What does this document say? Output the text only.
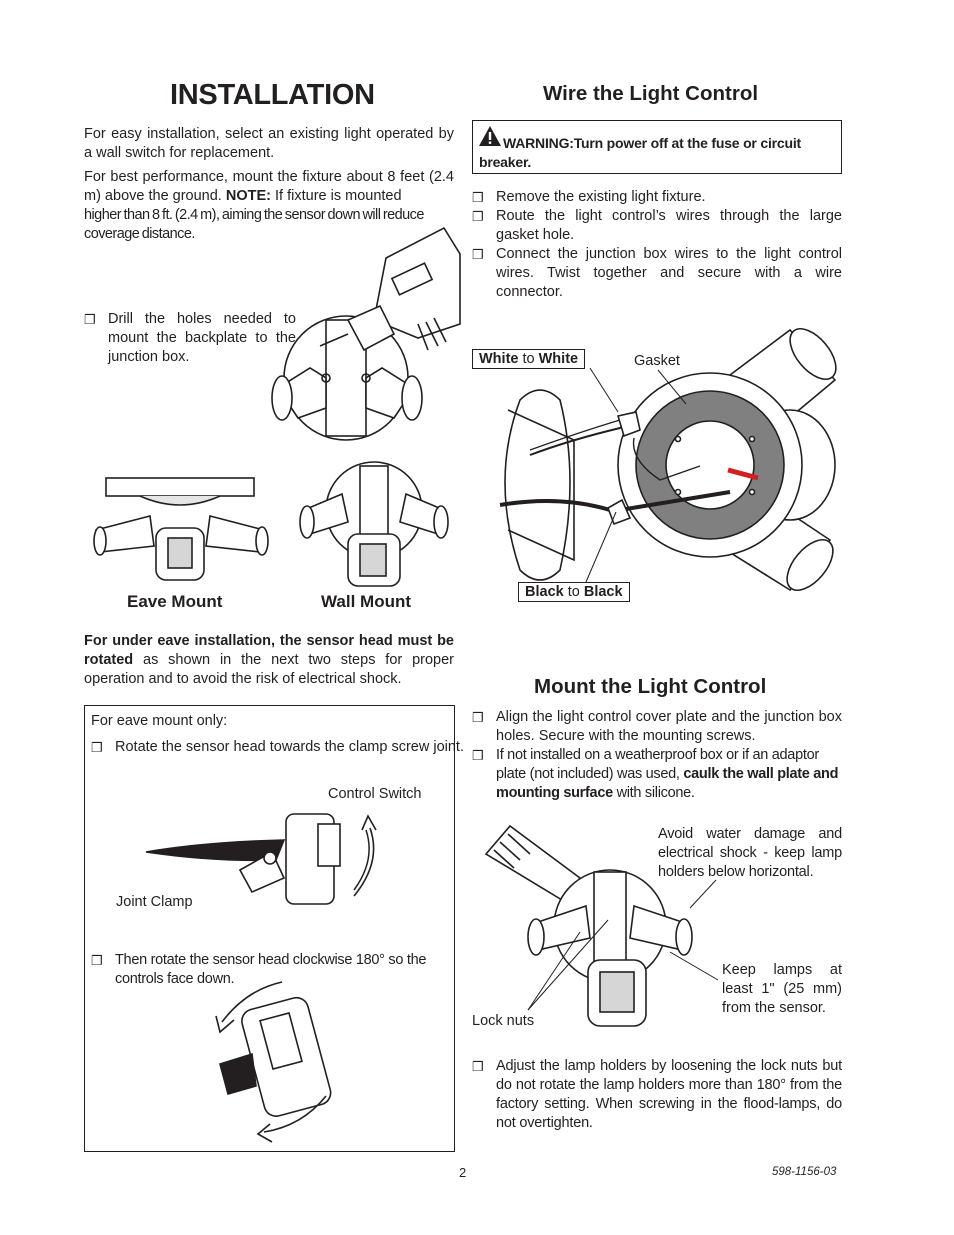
INSTALLATION
For easy installation, select an existing light operated by a wall switch for replacement.
For best performance, mount the fixture about 8 feet (2.4 m) above the ground. NOTE: If fixture is mounted
higher than 8 ft. (2.4 m), aiming the sensor down will reduce
coverage distance.
❒ Drill the holes needed to mount the backplate to the junction box.
Eave Mount	Wall Mount
For under eave installation, the sensor head must be rotated as shown in the next two steps for proper operation and to avoid the risk of electrical shock.
For eave mount only:
❒ Rotate the sensor head towards the clamp screw joint.
Control Switch
Joint Clamp
❒ Then rotate the sensor head clockwise 180° so the controls face down.
Wire the Light Control
WARNING:Turn power off at the fuse or circuit breaker.
❒ Remove the existing light fixture.
❒ Route the light control’s wires through the large gasket hole.
❒ Connect the junction box wires to the light control wires. Twist together and secure with a wire connector.
White to White	Gasket
Black to Black
Mount the Light Control
❒ Align the light control cover plate and the junction box holes. Secure with the mounting screws.
❒ If not installed on a weatherproof box or if an adaptor plate (not included) was used, caulk the wall plate and mounting surface with silicone.
Avoid water damage and electrical shock - keep lamp holders below horizontal.
Keep lamps at least 1" (25 mm) from the sensor.
Lock nuts
❒ Adjust the lamp holders by loosening the lock nuts but do not rotate the lamp holders more than 180° from the factory setting. When screwing in the flood-lamps, do not overtighten.
2	598-1156-03
